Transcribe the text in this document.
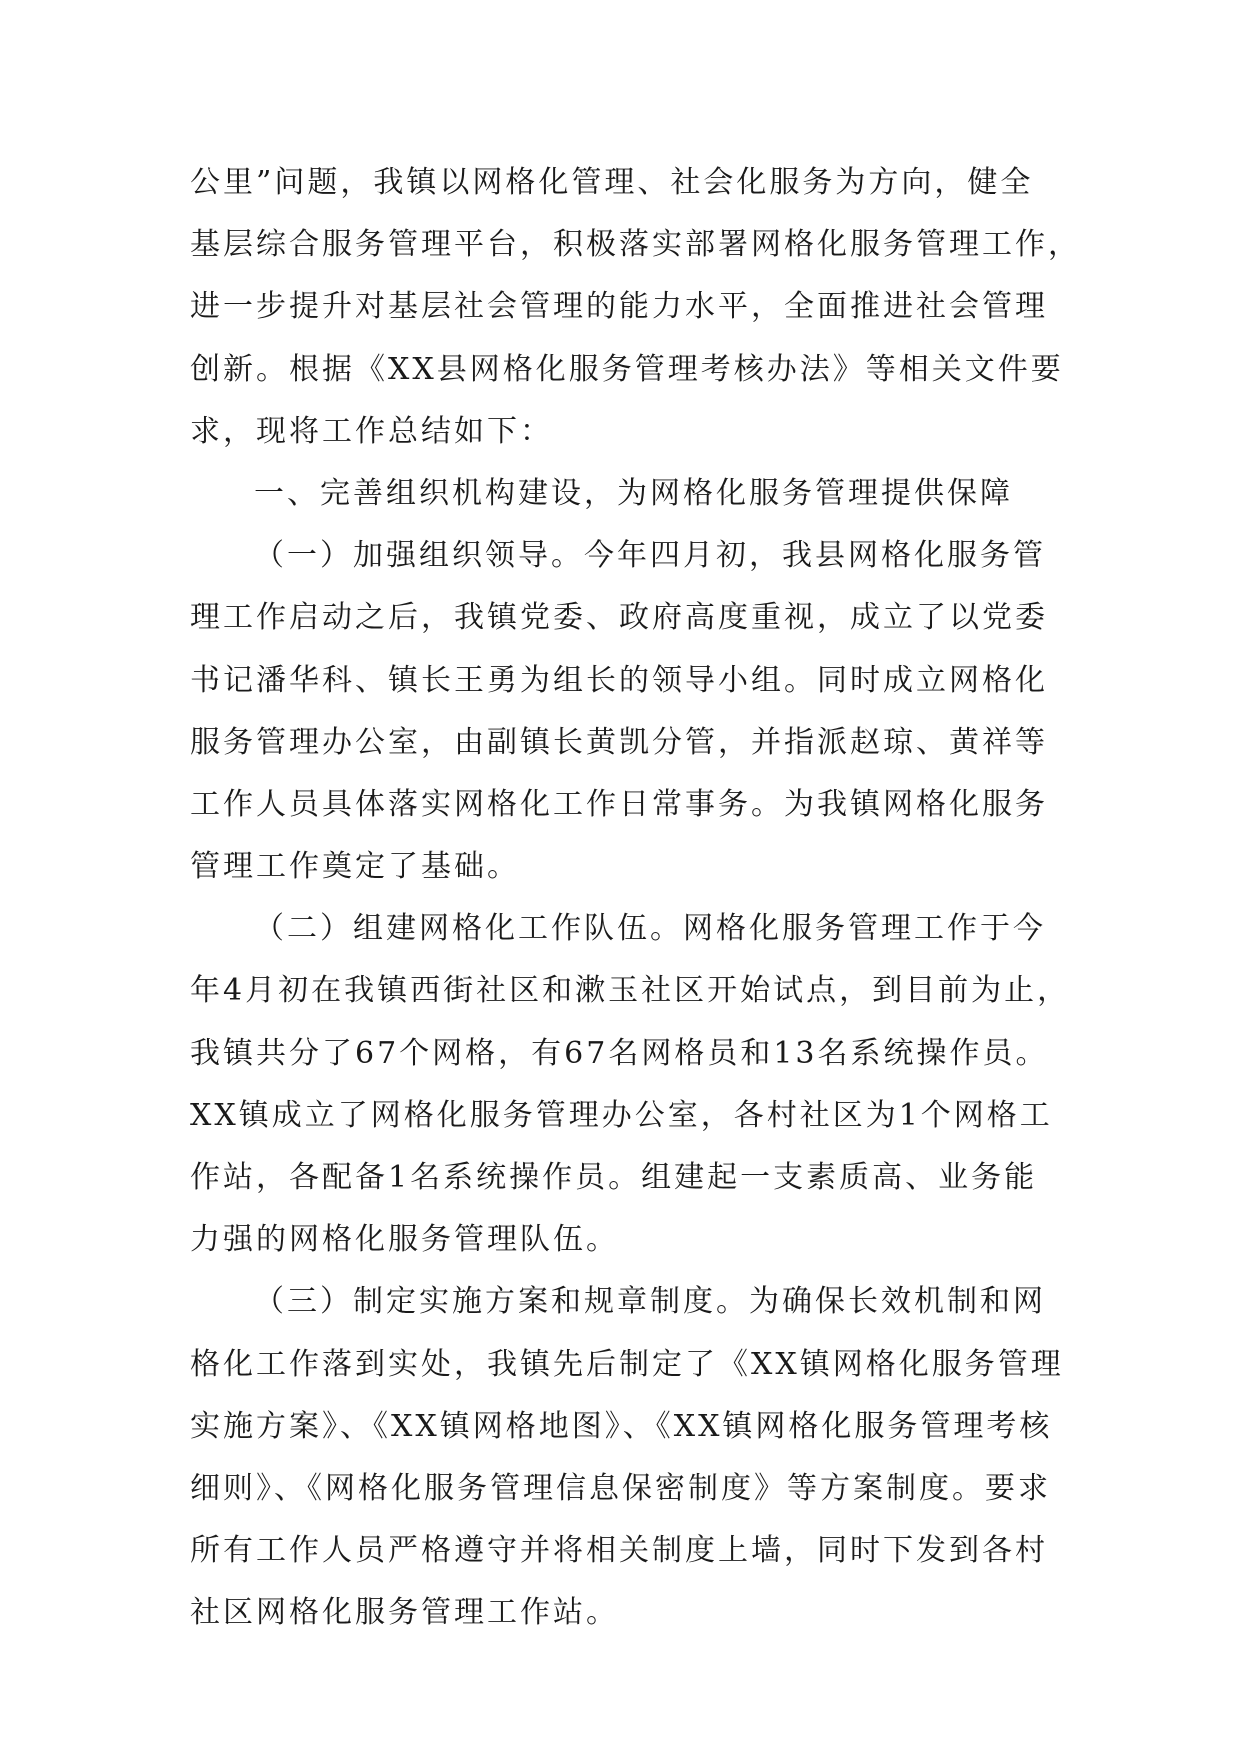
公里”问题，我镇以网格化管理、社会化服务为方向，健全
基层综合服务管理平台，积极落实部署网格化服务管理工作，
进一步提升对基层社会管理的能力水平，全面推进社会管理
创新。根据《XX县网格化服务管理考核办法》等相关文件要
求，现将工作总结如下：
一、完善组织机构建设，为网格化服务管理提供保障
（一）加强组织领导。今年四月初，我县网格化服务管
理工作启动之后，我镇党委、政府高度重视，成立了以党委
书记潘华科、镇长王勇为组长的领导小组。同时成立网格化
服务管理办公室，由副镇长黄凯分管，并指派赵琼、黄祥等
工作人员具体落实网格化工作日常事务。为我镇网格化服务
管理工作奠定了基础。
（二）组建网格化工作队伍。网格化服务管理工作于今
年4月初在我镇西街社区和漱玉社区开始试点，到目前为止，
我镇共分了67个网格，有67名网格员和13名系统操作员。
XX镇成立了网格化服务管理办公室，各村社区为1个网格工
作站，各配备1名系统操作员。组建起一支素质高、业务能
力强的网格化服务管理队伍。
（三）制定实施方案和规章制度。为确保长效机制和网
格化工作落到实处，我镇先后制定了《XX镇网格化服务管理
实施方案》、《XX镇网格地图》、《XX镇网格化服务管理考核
细则》、《网格化服务管理信息保密制度》等方案制度。要求
所有工作人员严格遵守并将相关制度上墙，同时下发到各村
社区网格化服务管理工作站。
